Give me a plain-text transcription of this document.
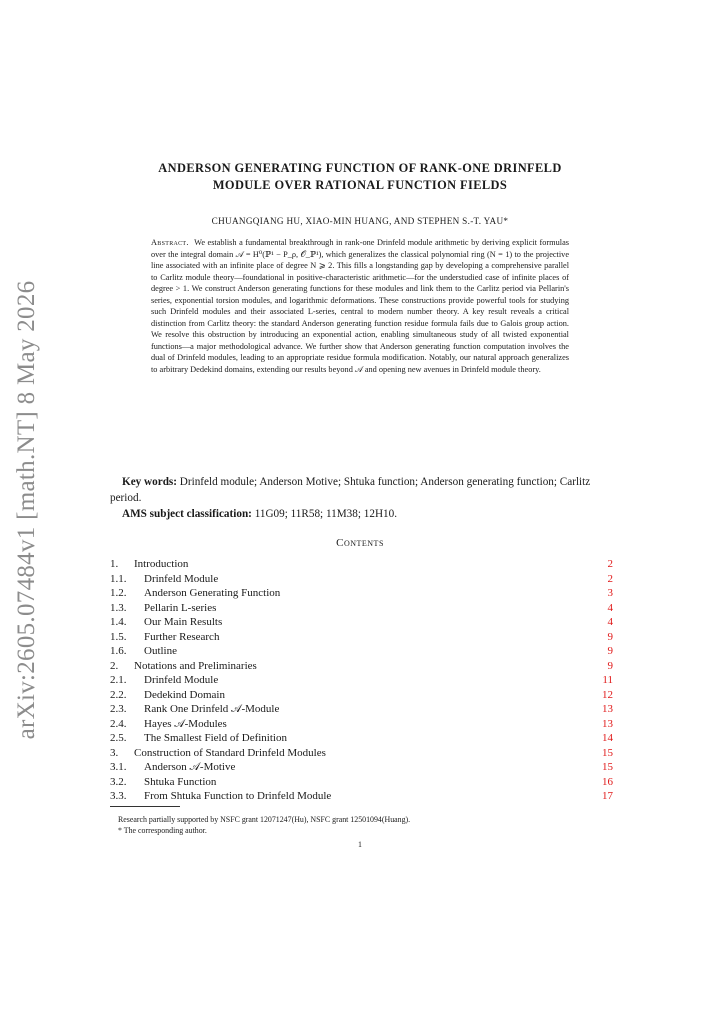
arXiv:2605.07484v1 [math.NT] 8 May 2026
ANDERSON GENERATING FUNCTION OF RANK-ONE DRINFELD
MODULE OVER RATIONAL FUNCTION FIELDS
CHUANGQIANG HU, XIAO-MIN HUANG, AND STEPHEN S.-T. YAU*
Abstract. We establish a fundamental breakthrough in rank-one Drinfeld module arithmetic by deriving explicit formulas over the integral domain 𝒜 = H⁰(ℙ¹ − P_ρ, 𝒪_ℙ¹), which generalizes the classical polynomial ring (N = 1) to the projective line associated with an infinite place of degree N ⩾ 2. This fills a longstanding gap by developing a comprehensive parallel to Carlitz module theory—foundational in positive-characteristic arithmetic—for the understudied case of infinite places of degree > 1. We construct Anderson generating functions for these modules and link them to the Carlitz period via Pellarin's series, exponential torsion modules, and logarithmic deformations. These constructions provide powerful tools for studying such Drinfeld modules and their associated L-series, central to modern number theory. A key result reveals a critical distinction from Carlitz theory: the standard Anderson generating function residue formula fails due to Galois group action. We resolve this obstruction by introducing an exponential action, enabling simultaneous study of all twisted exponential functions—a major methodological advance. We further show that Anderson generating function computation involves the dual of Drinfeld modules, leading to an appropriate residue formula modification. Notably, our natural approach generalizes to arbitrary Dedekind domains, extending our results beyond 𝒜 and opening new avenues in Drinfeld module theory.
Key words: Drinfeld module; Anderson Motive; Shtuka function; Anderson generating function; Carlitz period.
AMS subject classification: 11G09; 11R58; 11M38; 12H10.
Contents
1. Introduction	2
1.1. Drinfeld Module	2
1.2. Anderson Generating Function	3
1.3. Pellarin L-series	4
1.4. Our Main Results	4
1.5. Further Research	9
1.6. Outline	9
2. Notations and Preliminaries	9
2.1. Drinfeld Module	11
2.2. Dedekind Domain	12
2.3. Rank One Drinfeld 𝒜-Module	13
2.4. Hayes 𝒜-Modules	13
2.5. The Smallest Field of Definition	14
3. Construction of Standard Drinfeld Modules	15
3.1. Anderson 𝒜-Motive	15
3.2. Shtuka Function	16
3.3. From Shtuka Function to Drinfeld Module	17
Research partially supported by NSFC grant 12071247(Hu), NSFC grant 12501094(Huang).
* The corresponding author.
1
